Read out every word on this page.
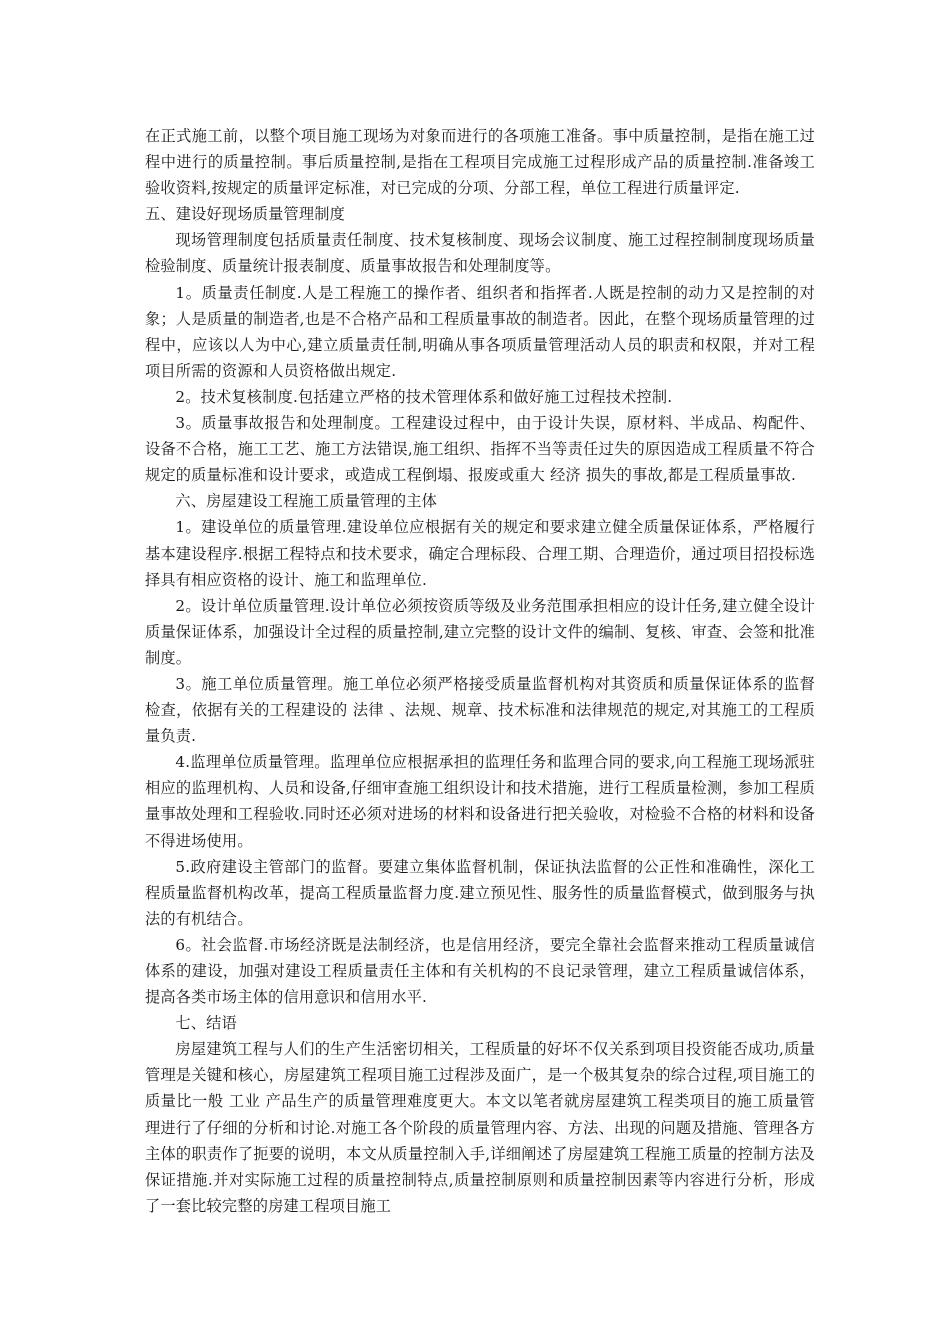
在正式施工前，以整个项目施工现场为对象而进行的各项施工准备。事中质量控制，是指在施工过程中进行的质量控制。事后质量控制,是指在工程项目完成施工过程形成产品的质量控制.准备竣工验收资料,按规定的质量评定标准，对已完成的分项、分部工程，单位工程进行质量评定.

五、建设好现场质量管理制度

现场管理制度包括质量责任制度、技术复核制度、现场会议制度、施工过程控制制度现场质量检验制度、质量统计报表制度、质量事故报告和处理制度等。

1。质量责任制度.人是工程施工的操作者、组织者和指挥者.人既是控制的动力又是控制的对象；人是质量的制造者,也是不合格产品和工程质量事故的制造者。因此，在整个现场质量管理的过程中，应该以人为中心,建立质量责任制,明确从事各项质量管理活动人员的职责和权限，并对工程项目所需的资源和人员资格做出规定.

2。技术复核制度.包括建立严格的技术管理体系和做好施工过程技术控制.

3。质量事故报告和处理制度。工程建设过程中，由于设计失误，原材料、半成品、构配件、设备不合格，施工工艺、施工方法错误,施工组织、指挥不当等责任过失的原因造成工程质量不符合规定的质量标准和设计要求，或造成工程倒塌、报废或重大 经济 损失的事故,都是工程质量事故.

六、房屋建设工程施工质量管理的主体

1。建设单位的质量管理.建设单位应根据有关的规定和要求建立健全质量保证体系，严格履行基本建设程序.根据工程特点和技术要求，确定合理标段、合理工期、合理造价，通过项目招投标选择具有相应资格的设计、施工和监理单位.

2。设计单位质量管理.设计单位必须按资质等级及业务范围承担相应的设计任务,建立健全设计质量保证体系，加强设计全过程的质量控制,建立完整的设计文件的编制、复核、审查、会签和批准制度。

3。施工单位质量管理。施工单位必须严格接受质量监督机构对其资质和质量保证体系的监督检查，依据有关的工程建设的 法律 、法规、规章、技术标准和法律规范的规定,对其施工的工程质量负责.

4.监理单位质量管理。监理单位应根据承担的监理任务和监理合同的要求,向工程施工现场派驻相应的监理机构、人员和设备,仔细审查施工组织设计和技术措施，进行工程质量检测，参加工程质量事故处理和工程验收.同时还必须对进场的材料和设备进行把关验收，对检验不合格的材料和设备不得进场使用。

5.政府建设主管部门的监督。要建立集体监督机制，保证执法监督的公正性和准确性，深化工程质量监督机构改革，提高工程质量监督力度.建立预见性、服务性的质量监督模式，做到服务与执法的有机结合。

6。社会监督.市场经济既是法制经济，也是信用经济，要完全靠社会监督来推动工程质量诚信体系的建设，加强对建设工程质量责任主体和有关机构的不良记录管理，建立工程质量诚信体系，提高各类市场主体的信用意识和信用水平.

七、结语

房屋建筑工程与人们的生产生活密切相关，工程质量的好坏不仅关系到项目投资能否成功,质量管理是关键和核心，房屋建筑工程项目施工过程涉及面广，是一个极其复杂的综合过程,项目施工的质量比一般 工业 产品生产的质量管理难度更大。本文以笔者就房屋建筑工程类项目的施工质量管理进行了仔细的分析和讨论.对施工各个阶段的质量管理内容、方法、出现的问题及措施、管理各方主体的职责作了扼要的说明，本文从质量控制入手,详细阐述了房屋建筑工程施工质量的控制方法及保证措施.并对实际施工过程的质量控制特点,质量控制原则和质量控制因素等内容进行分析，形成了一套比较完整的房建工程项目施工
